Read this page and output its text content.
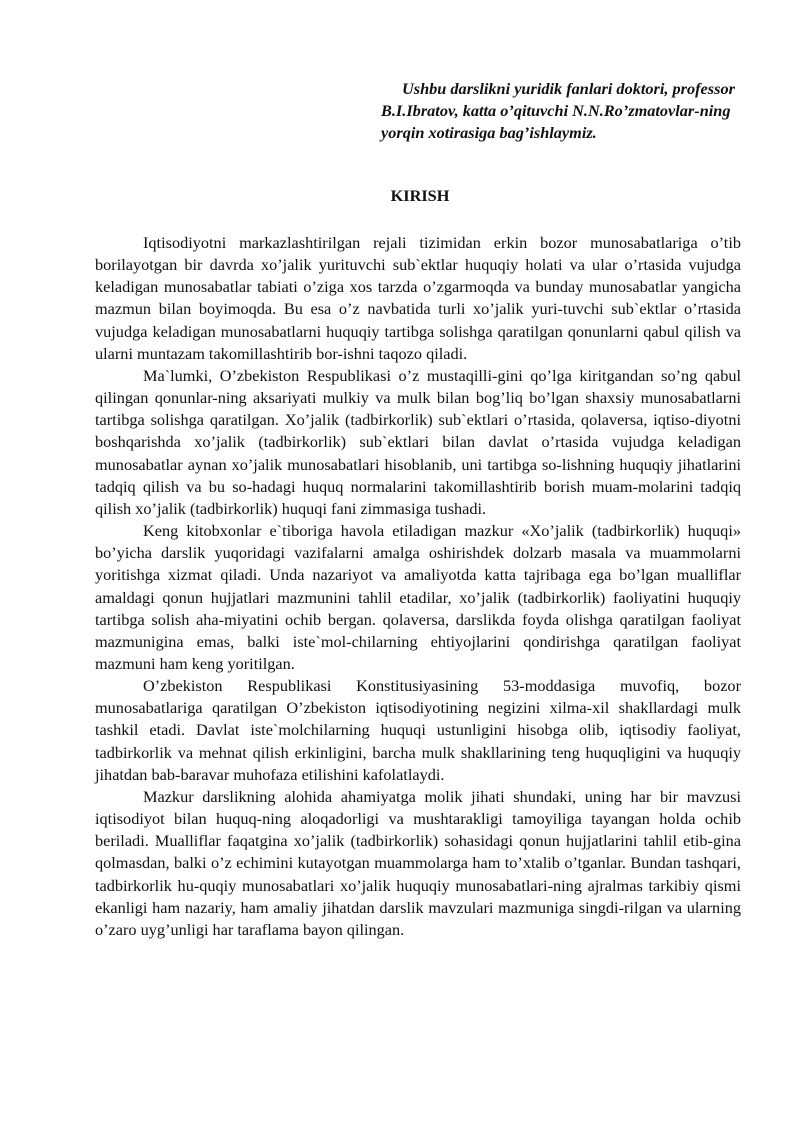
Ushbu darslikni yuridik fanlari doktori, professor B.I.Ibratov, katta o’qituvchi N.N.Ro’zmatovlar-ning yorqin xotirasiga bag’ishlaymiz.

KIRISH

Iqtisodiyotni markazlashtirilgan rejali tizimidan erkin bozor munosabatlariga o’tib borilayotgan bir davrda xo’jalik yurituvchi sub`ektlar huquqiy holati va ular o’rtasida vujudga keladigan munosabatlar tabiati o’ziga xos tarzda o’zgarmoqda va bunday munosabatlar yangicha mazmun bilan boyimoqda. Bu esa o’z navbatida turli xo’jalik yuri-tuvchi sub`ektlar o’rtasida vujudga keladigan munosabatlarni huquqiy tartibga solishga qaratilgan qonunlarni qabul qilish va ularni muntazam takomillashtirib bor-ishni taqozo qiladi.

Ma`lumki, O’zbekiston Respublikasi o’z mustaqilli-gini qo’lga kiritgandan so’ng qabul qilingan qonunlar-ning aksariyati mulkiy va mulk bilan bog’liq bo’lgan shaxsiy munosabatlarni tartibga solishga qaratilgan. Xo’jalik (tadbirkorlik) sub`ektlari o’rtasida, qolaversa, iqtiso-diyotni boshqarishda xo’jalik (tadbirkorlik) sub`ektlari bilan davlat o’rtasida vujudga keladigan munosabatlar aynan xo’jalik munosabatlari hisoblanib, uni tartibga so-lishning huquqiy jihatlarini tadqiq qilish va bu so-hadagi huquq normalarini takomillashtirib borish muam-molarini tadqiq qilish xo’jalik (tadbirkorlik) huquqi fani zimmasiga tushadi.

Keng kitobxonlar e`tiboriga havola etiladigan mazkur «Xo’jalik (tadbirkorlik) huquqi» bo’yicha darslik yuqoridagi vazifalarni amalga oshirishdek dolzarb masala va muammolarni yoritishga xizmat qiladi. Unda nazariyot va amaliyotda katta tajribaga ega bo’lgan mualliflar amaldagi qonun hujjatlari mazmunini tahlil etadilar, xo’jalik (tadbirkorlik) faoliyatini huquqiy tartibga solish aha-miyatini ochib bergan. qolaversa, darslikda foyda olishga qaratilgan faoliyat mazmunigina emas, balki iste`mol-chilarning ehtiyojlarini qondirishga qaratilgan faoliyat mazmuni ham keng yoritilgan.

O’zbekiston Respublikasi Konstitusiyasining 53-moddasiga muvofiq, bozor munosabatlariga qaratilgan O’zbekiston iqtisodiyotining negizini xilma-xil shakllardagi mulk tashkil etadi. Davlat iste`molchilarning huquqi ustunligini hisobga olib, iqtisodiy faoliyat, tadbirkorlik va mehnat qilish erkinligini, barcha mulk shakllarining teng huquqligini va huquqiy jihatdan bab-baravar muhofaza etilishini kafolatlaydi.

Mazkur darslikning alohida ahamiyatga molik jihati shundaki, uning har bir mavzusi iqtisodiyot bilan huquq-ning aloqadorligi va mushtarakligi tamoyiliga tayangan holda ochib beriladi. Mualliflar faqatgina xo’jalik (tadbirkorlik) sohasidagi qonun hujjatlarini tahlil etib-gina qolmasdan, balki o’z echimini kutayotgan muammolarga ham to’xtalib o’tganlar. Bundan tashqari, tadbirkorlik hu-quqiy munosabatlari xo’jalik huquqiy munosabatlari-ning ajralmas tarkibiy qismi ekanligi ham nazariy, ham amaliy jihatdan darslik mavzulari mazmuniga singdi-rilgan va ularning o’zaro uyg’unligi har taraflama bayon qilingan.
